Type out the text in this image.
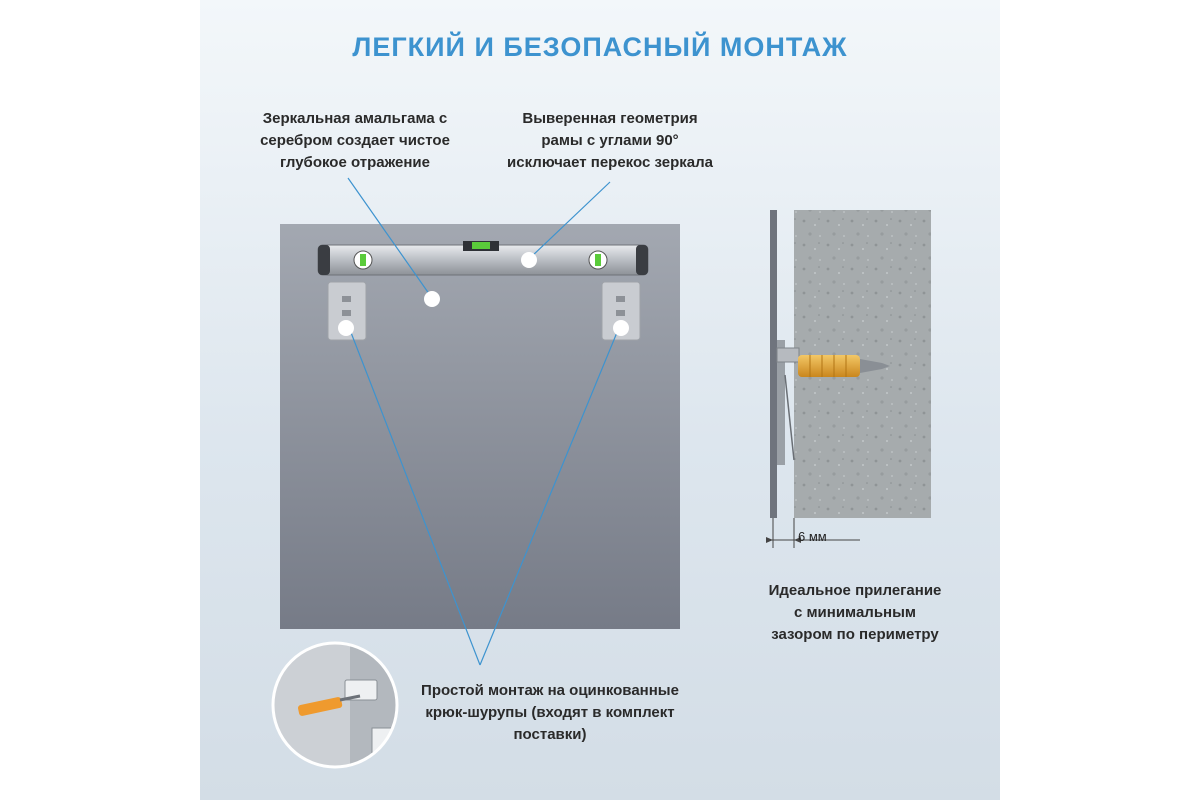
ЛЕГКИЙ И БЕЗОПАСНЫЙ МОНТАЖ
Зеркальная амальгама с
серебром создает чистое
глубокое отражение
Выверенная геометрия
рамы с углами 90°
исключает перекос зеркала
Идеальное прилегание
с минимальным
зазором по периметру
Простой монтаж на оцинкованные
крюк-шурупы (входят в комплект
поставки)
6 мм
